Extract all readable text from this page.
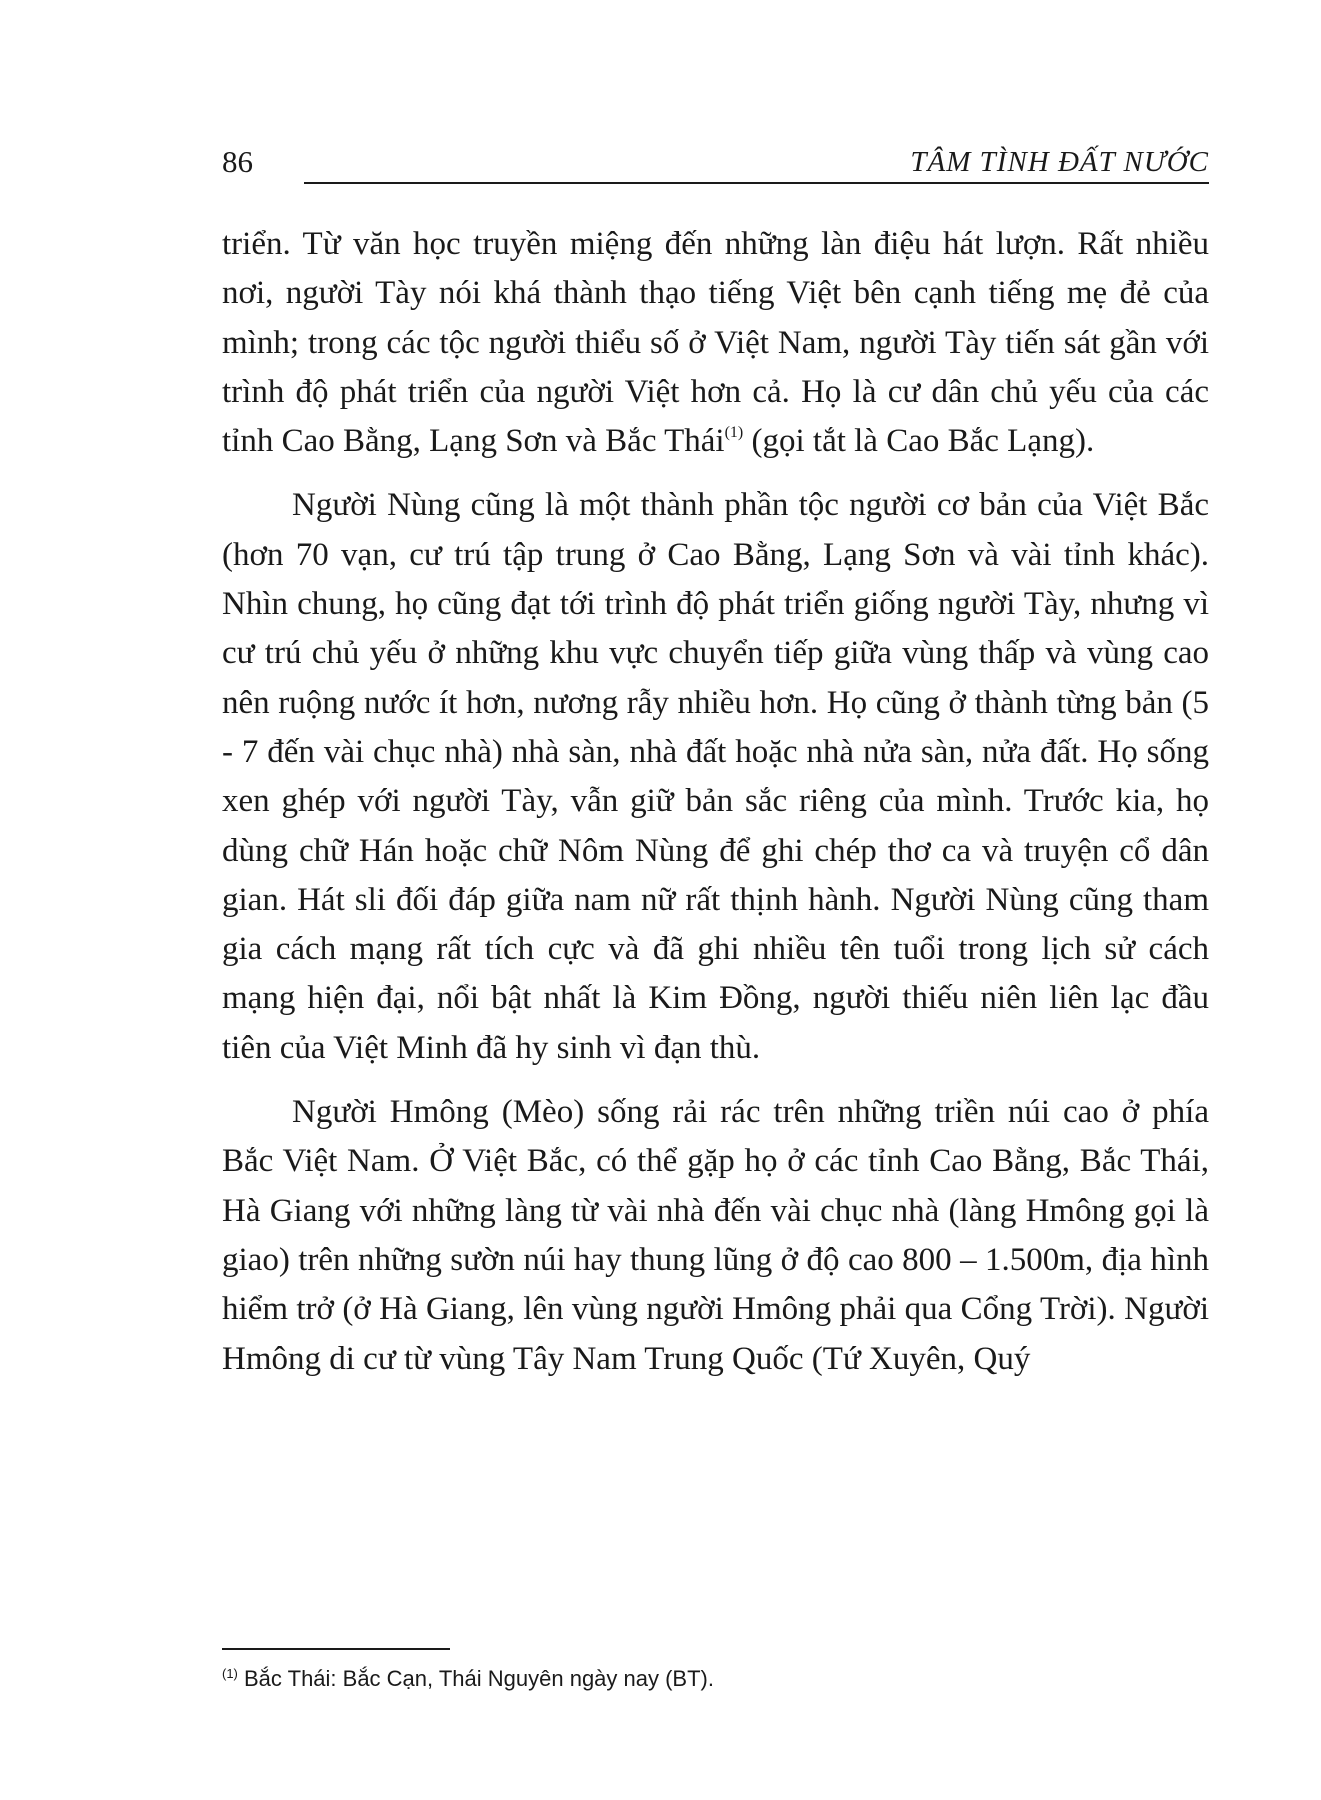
86	TÂM TÌNH ĐẤT NƯỚC

triển. Từ văn học truyền miệng đến những làn điệu hát lượn. Rất nhiều nơi, người Tày nói khá thành thạo tiếng Việt bên cạnh tiếng mẹ đẻ của mình; trong các tộc người thiểu số ở Việt Nam, người Tày tiến sát gần với trình độ phát triển của người Việt hơn cả. Họ là cư dân chủ yếu của các tỉnh Cao Bằng, Lạng Sơn và Bắc Thái$^{(1)}$ (gọi tắt là Cao Bắc Lạng).

Người Nùng cũng là một thành phần tộc người cơ bản của Việt Bắc (hơn 70 vạn, cư trú tập trung ở Cao Bằng, Lạng Sơn và vài tỉnh khác). Nhìn chung, họ cũng đạt tới trình độ phát triển giống người Tày, nhưng vì cư trú chủ yếu ở những khu vực chuyển tiếp giữa vùng thấp và vùng cao nên ruộng nước ít hơn, nương rẫy nhiều hơn. Họ cũng ở thành từng bản (5 - 7 đến vài chục nhà) nhà sàn, nhà đất hoặc nhà nửa sàn, nửa đất. Họ sống xen ghép với người Tày, vẫn giữ bản sắc riêng của mình. Trước kia, họ dùng chữ Hán hoặc chữ Nôm Nùng để ghi chép thơ ca và truyện cổ dân gian. Hát sli đối đáp giữa nam nữ rất thịnh hành. Người Nùng cũng tham gia cách mạng rất tích cực và đã ghi nhiều tên tuổi trong lịch sử cách mạng hiện đại, nổi bật nhất là Kim Đồng, người thiếu niên liên lạc đầu tiên của Việt Minh đã hy sinh vì đạn thù.

Người Hmông (Mèo) sống rải rác trên những triền núi cao ở phía Bắc Việt Nam. Ở Việt Bắc, có thể gặp họ ở các tỉnh Cao Bằng, Bắc Thái, Hà Giang với những làng từ vài nhà đến vài chục nhà (làng Hmông gọi là giao) trên những sườn núi hay thung lũng ở độ cao 800 – 1.500m, địa hình hiểm trở (ở Hà Giang, lên vùng người Hmông phải qua Cổng Trời). Người Hmông di cư từ vùng Tây Nam Trung Quốc (Tứ Xuyên, Quý

$^{(1)}$ Bắc Thái: Bắc Cạn, Thái Nguyên ngày nay (BT).
